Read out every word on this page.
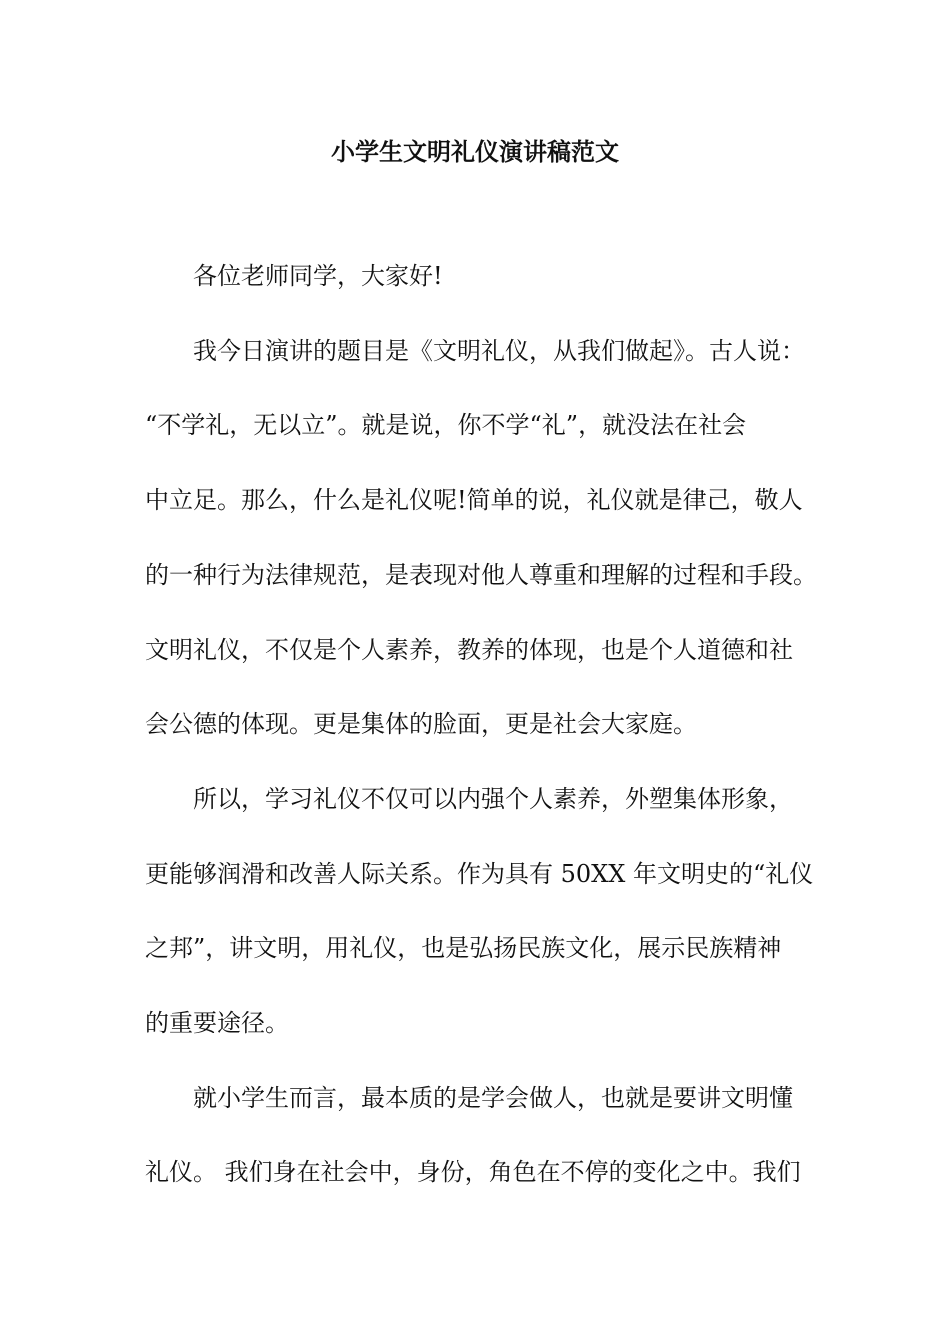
小学生文明礼仪演讲稿范文
各位老师同学，大家好!
我今日演讲的题目是《文明礼仪，从我们做起》。古人说：
“不学礼，无以立”。就是说，你不学“礼”，就没法在社会
中立足。那么，什么是礼仪呢!简单的说，礼仪就是律己，敬人
的一种行为法律规范，是表现对他人尊重和理解的过程和手段。
文明礼仪，不仅是个人素养，教养的体现，也是个人道德和社
会公德的体现。更是集体的脸面，更是社会大家庭。
所以，学习礼仪不仅可以内强个人素养，外塑集体形象，
更能够润滑和改善人际关系。作为具有 50XX 年文明史的“礼仪
之邦”，讲文明，用礼仪，也是弘扬民族文化，展示民族精神
的重要途径。
就小学生而言，最本质的是学会做人，也就是要讲文明懂
礼仪。 我们身在社会中，身份，角色在不停的变化之中。我们
